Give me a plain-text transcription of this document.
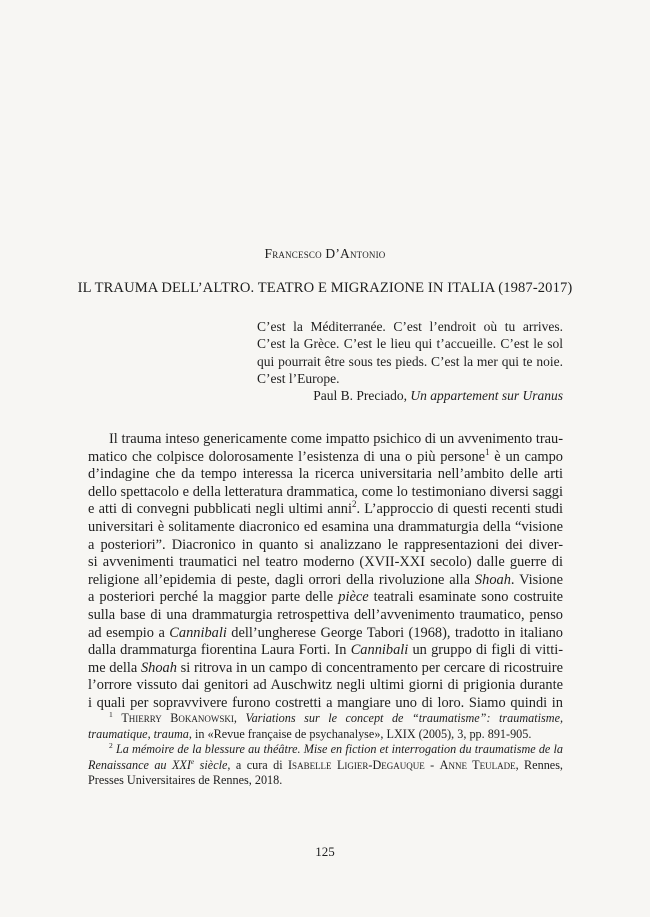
Francesco D’Antonio
IL TRAUMA DELL’ALTRO. TEATRO E MIGRAZIONE IN ITALIA (1987-2017)

C’est la Méditerranée. C’est l’endroit où tu arrives. C’est la Grèce. C’est le lieu qui t’accueille. C’est le sol qui pourrait être sous tes pieds. C’est la mer qui te noie. C’est l’Europe.

Paul B. Preciado, Un appartement sur Uranus

Il trauma inteso genericamente come impatto psichico di un avvenimento trau-
matico che colpisce dolorosamente l’esistenza di una o più persone$^1$ è un campo
d’indagine che da tempo interessa la ricerca universitaria nell’ambito delle arti
dello spettacolo e della letteratura drammatica, come lo testimoniano diversi saggi
e atti di convegni pubblicati negli ultimi anni$^2$. L’approccio di questi recenti studi
universitari è solitamente diacronico ed esamina una drammaturgia della “visione
a posteriori”. Diacronico in quanto si analizzano le rappresentazioni dei diver-
si avvenimenti traumatici nel teatro moderno (XVII-XXI secolo) dalle guerre di
religione all’epidemia di peste, dagli orrori della rivoluzione alla Shoah. Visione
a posteriori perché la maggior parte delle pièce teatrali esaminate sono costruite
sulla base di una drammaturgia retrospettiva dell’avvenimento traumatico, penso
ad esempio a Cannibali dell’ungherese George Tabori (1968), tradotto in italiano
dalla drammaturga fiorentina Laura Forti. In Cannibali un gruppo di figli di vitti-
me della Shoah si ritrova in un campo di concentramento per cercare di ricostruire
l’orrore vissuto dai genitori ad Auschwitz negli ultimi giorni di prigionia durante
i quali per sopravvivere furono costretti a mangiare uno di loro. Siamo quindi in
$^1$ Thierry Bokanowski, Variations sur le concept de “traumatisme”: traumatisme, traumatique, trauma, in «Revue française de psychanalyse», LXIX (2005), 3, pp. 891-905.
$^2$ La mémoire de la blessure au théâtre. Mise en fiction et interrogation du traumatisme de la Renaissance au XXIe siècle, a cura di Isabelle Ligier-Degauque - Anne Teulade, Rennes, Presses Universitaires de Rennes, 2018.
125
